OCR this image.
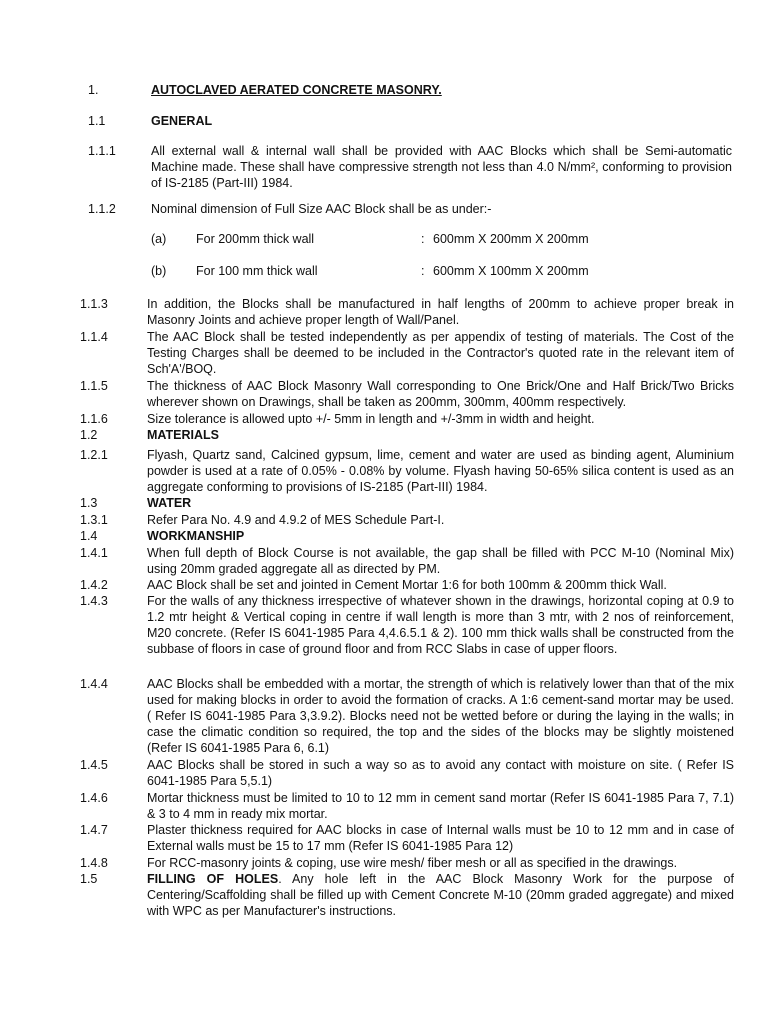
1.	AUTOCLAVED AERATED CONCRETE MASONRY.
1.1	GENERAL
1.1.1	All external wall & internal wall shall be provided with AAC Blocks which shall be Semi-automatic Machine made. These shall have compressive strength not less than 4.0 N/mm², conforming to provision of IS-2185 (Part-III) 1984.
1.1.2	Nominal dimension of Full Size AAC Block shall be as under:-
(a) For 200mm thick wall	: 600mm X 200mm X 200mm
(b) For 100 mm thick wall	: 600mm X 100mm X 200mm
1.1.3	In addition, the Blocks shall be manufactured in half lengths of 200mm to achieve proper break in Masonry Joints and achieve proper length of Wall/Panel.
1.1.4	The AAC Block shall be tested independently as per appendix of testing of materials. The Cost of the Testing Charges shall be deemed to be included in the Contractor's quoted rate in the relevant item of Sch'A'/BOQ.
1.1.5	The thickness of AAC Block Masonry Wall corresponding to One Brick/One and Half Brick/Two Bricks wherever shown on Drawings, shall be taken as 200mm, 300mm, 400mm respectively.
1.1.6	Size tolerance is allowed upto +/- 5mm in length and +/-3mm in width and height.
1.2	MATERIALS
1.2.1	Flyash, Quartz sand, Calcined gypsum, lime, cement and water are used as binding agent, Aluminium powder is used at a rate of 0.05% - 0.08% by volume. Flyash having 50-65% silica content is used as an aggregate conforming to provisions of IS-2185 (Part-III) 1984.
1.3	WATER
1.3.1	Refer Para No. 4.9 and 4.9.2 of MES Schedule Part-I.
1.4	WORKMANSHIP
1.4.1	When full depth of Block Course is not available, the gap shall be filled with PCC M-10 (Nominal Mix) using 20mm graded aggregate all as directed by PM.
1.4.2	AAC Block shall be set and jointed in Cement Mortar 1:6 for both 100mm & 200mm thick Wall.
1.4.3	For the walls of any thickness irrespective of whatever shown in the drawings, horizontal coping at 0.9 to 1.2 mtr height & Vertical coping in centre if wall length is more than 3 mtr, with 2 nos of reinforcement, M20 concrete. (Refer IS 6041-1985 Para 4,4.6.5.1 & 2). 100 mm thick walls shall be constructed from the subbase of floors in case of ground floor and from RCC Slabs in case of upper floors.
1.4.4	AAC Blocks shall be embedded with a mortar, the strength of which is relatively lower than that of the mix used for making blocks in order to avoid the formation of cracks. A 1:6 cement-sand mortar may be used. ( Refer IS 6041-1985 Para 3,3.9.2). Blocks need not be wetted before or during the laying in the walls; in case the climatic condition so required, the top and the sides of the blocks may be slightly moistened (Refer IS 6041-1985 Para 6, 6.1)
1.4.5	AAC Blocks shall be stored in such a way so as to avoid any contact with moisture on site. ( Refer IS 6041-1985 Para 5,5.1)
1.4.6	Mortar thickness must be limited to 10 to 12 mm in cement sand mortar (Refer IS 6041-1985 Para 7, 7.1) & 3 to 4 mm in ready mix mortar.
1.4.7	Plaster thickness required for AAC blocks in case of Internal walls must be 10 to 12 mm and in case of External walls must be 15 to 17 mm (Refer IS 6041-1985 Para 12)
1.4.8	For RCC-masonry joints & coping, use wire mesh/ fiber mesh or all as specified in the drawings.
1.5	FILLING OF HOLES. Any hole left in the AAC Block Masonry Work for the purpose of Centering/Scaffolding shall be filled up with Cement Concrete M-10 (20mm graded aggregate) and mixed with WPC as per Manufacturer's instructions.
